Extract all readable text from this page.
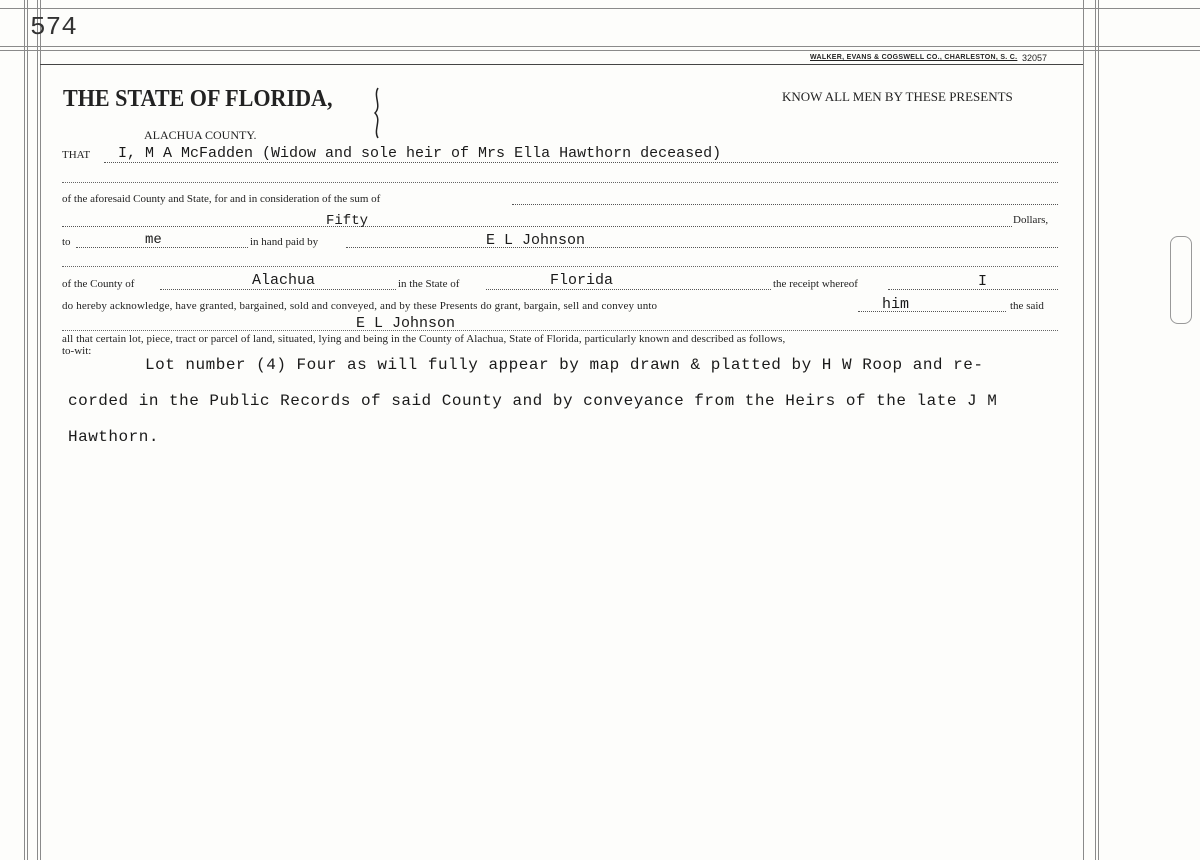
574
WALKER, EVANS & COGSWELL CO., CHARLESTON, S. C. 32057
THE STATE OF FLORIDA,
ALACHUA COUNTY.
KNOW ALL MEN BY THESE PRESENTS
THAT I, M A McFadden (Widow and sole heir of Mrs Ella Hawthorn deceased)
of the aforesaid County and State, for and in consideration of the sum of
Fifty	Dollars,
to	me	in hand paid by	E L Johnson
of the County of	Alachua	in the State of	Florida	the receipt whereof	I
do hereby acknowledge, have granted, bargained, sold and conveyed, and by these Presents do grant, bargain, sell and convey unto	him	the said
E L Johnson
all that certain lot, piece, tract or parcel of land, situated, lying and being in the County of Alachua, State of Florida, particularly known and described as follows,
to-wit:
Lot number (4) Four as will fully appear by map drawn & platted by H W Roop and re-
corded in the Public Records of said County and by conveyance from the Heirs of the late J M
Hawthorn.
